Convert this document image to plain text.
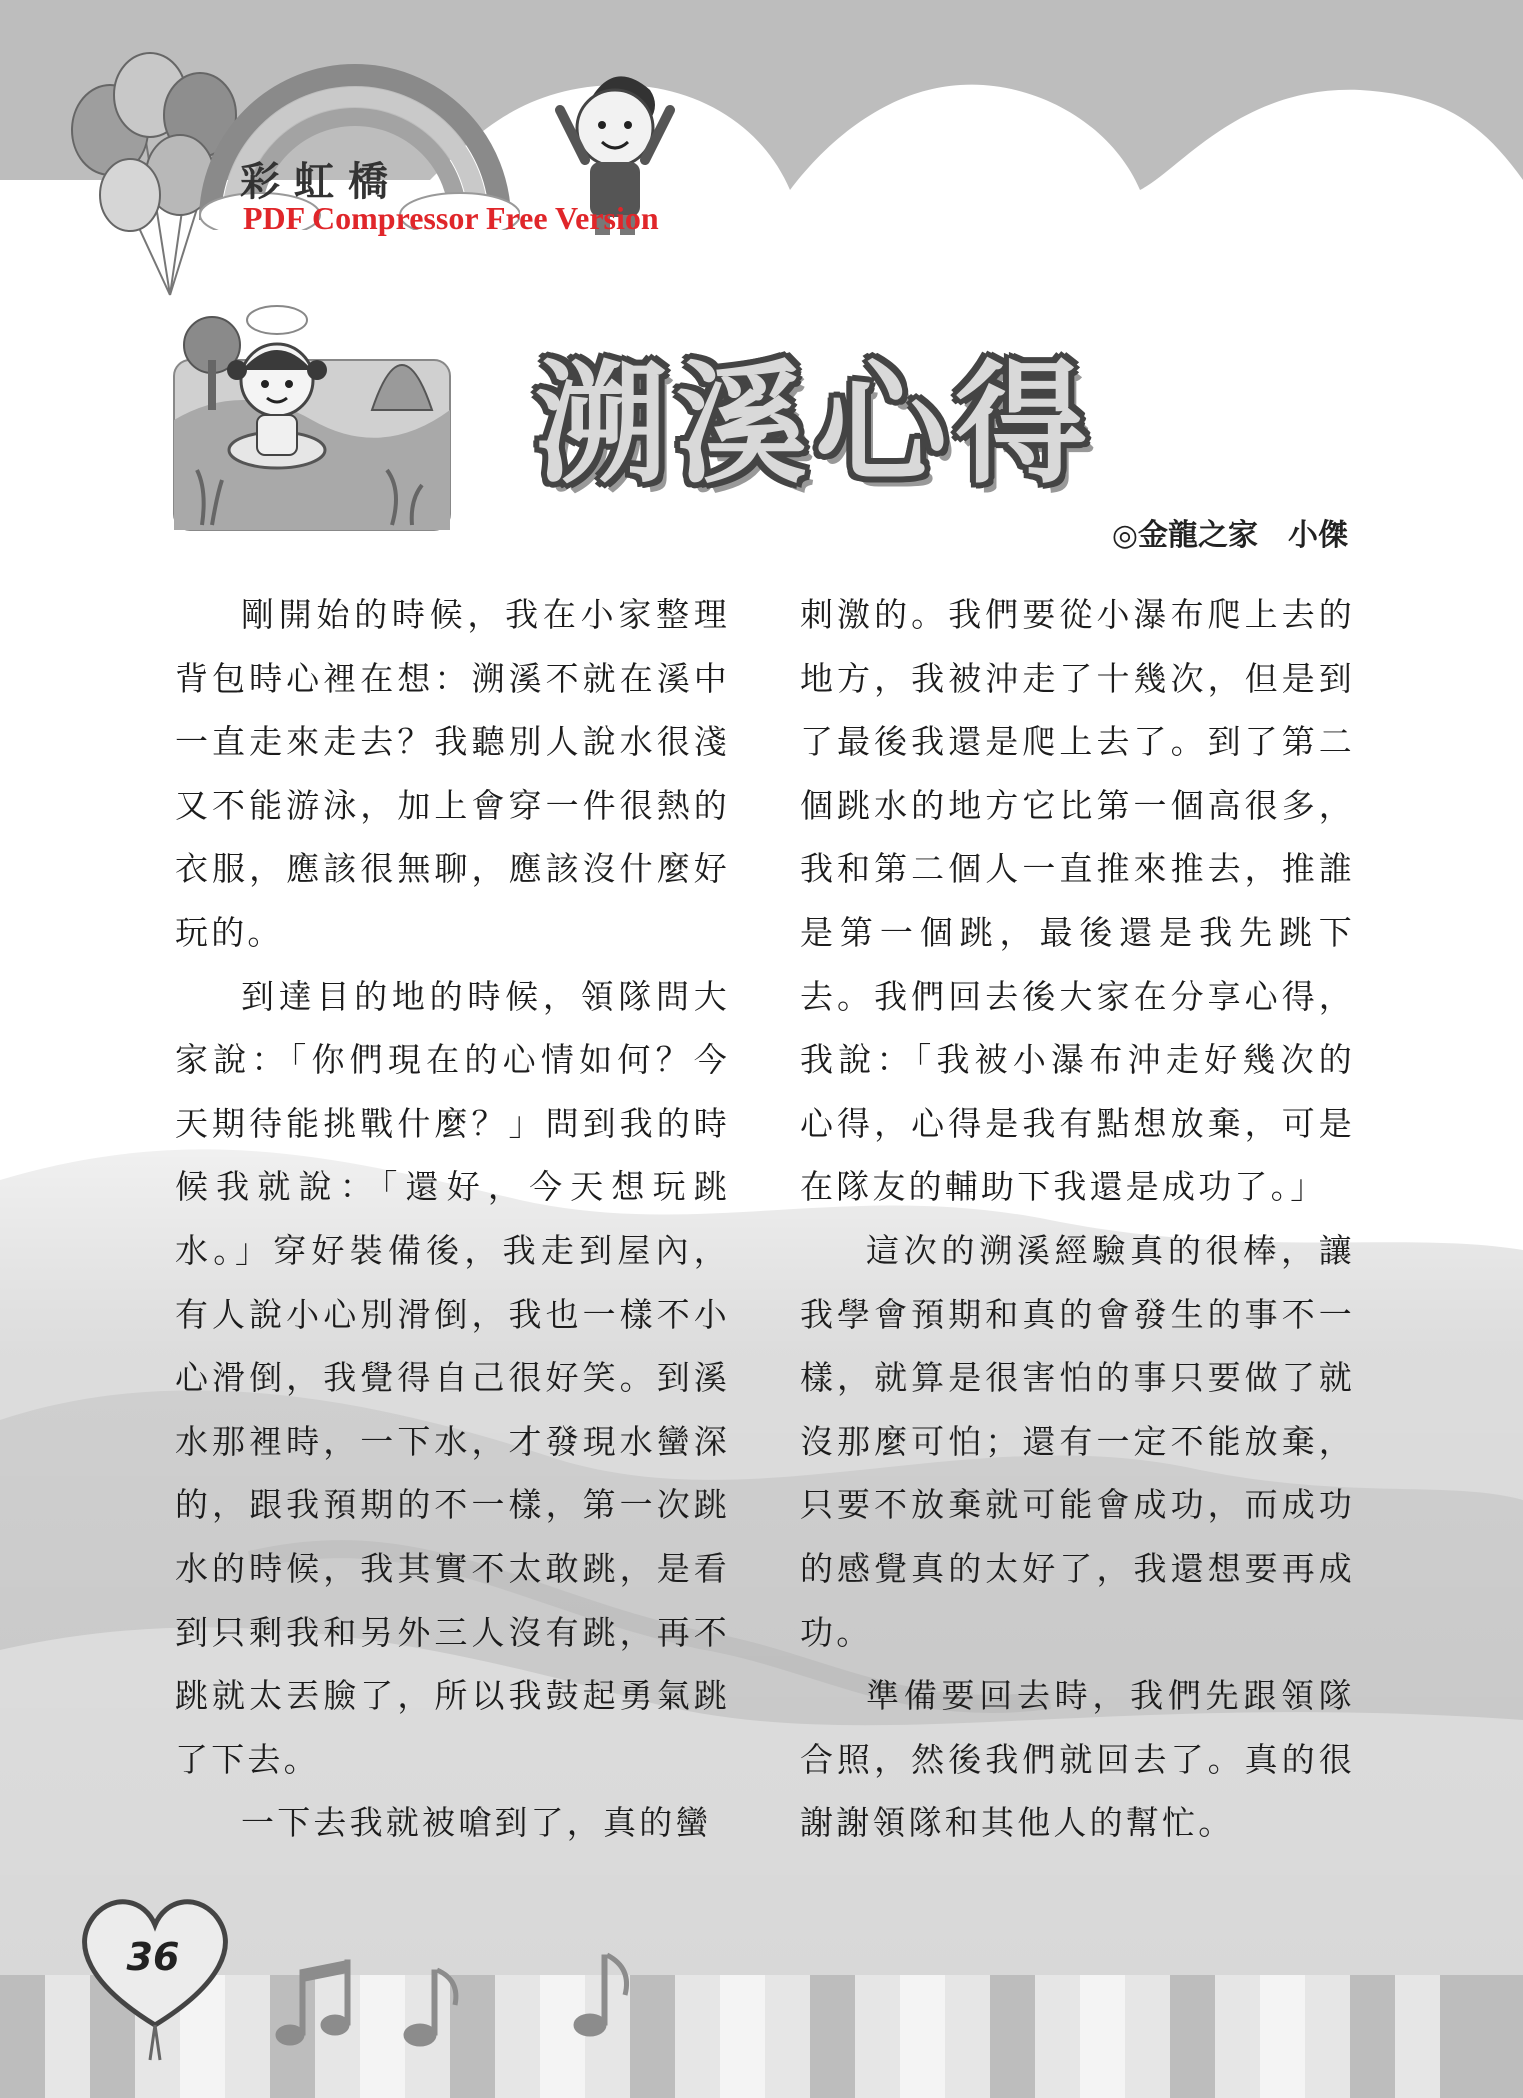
彩虹橋
PDF Compressor Free Version
溯溪心得
◎金龍之家　小傑

剛開始的時候，我在小家整理背包時心裡在想：溯溪不就在溪中一直走來走去？我聽別人說水很淺又不能游泳，加上會穿一件很熱的衣服，應該很無聊，應該沒什麼好玩的。

到達目的地的時候，領隊問大家說：「你們現在的心情如何？今天期待能挑戰什麼？」問到我的時候我就說：「還好，今天想玩跳水。」穿好裝備後，我走到屋內，有人說小心別滑倒，我也一樣不小心滑倒，我覺得自己很好笑。到溪水那裡時，一下水，才發現水蠻深的，跟我預期的不一樣，第一次跳水的時候，我其實不太敢跳，是看到只剩我和另外三人沒有跳，再不跳就太丟臉了，所以我鼓起勇氣跳了下去。

一下去我就被嗆到了，真的蠻

刺激的。我們要從小瀑布爬上去的地方，我被沖走了十幾次，但是到了最後我還是爬上去了。到了第二個跳水的地方它比第一個高很多，我和第二個人一直推來推去，推誰是第一個跳，最後還是我先跳下去。我們回去後大家在分享心得，我說：「我被小瀑布沖走好幾次的心得，心得是我有點想放棄，可是在隊友的輔助下我還是成功了。」

這次的溯溪經驗真的很棒，讓我學會預期和真的會發生的事不一樣，就算是很害怕的事只要做了就沒那麼可怕；還有一定不能放棄，只要不放棄就可能會成功，而成功的感覺真的太好了，我還想要再成功。

準備要回去時，我們先跟領隊合照，然後我們就回去了。真的很謝謝領隊和其他人的幫忙。

36
